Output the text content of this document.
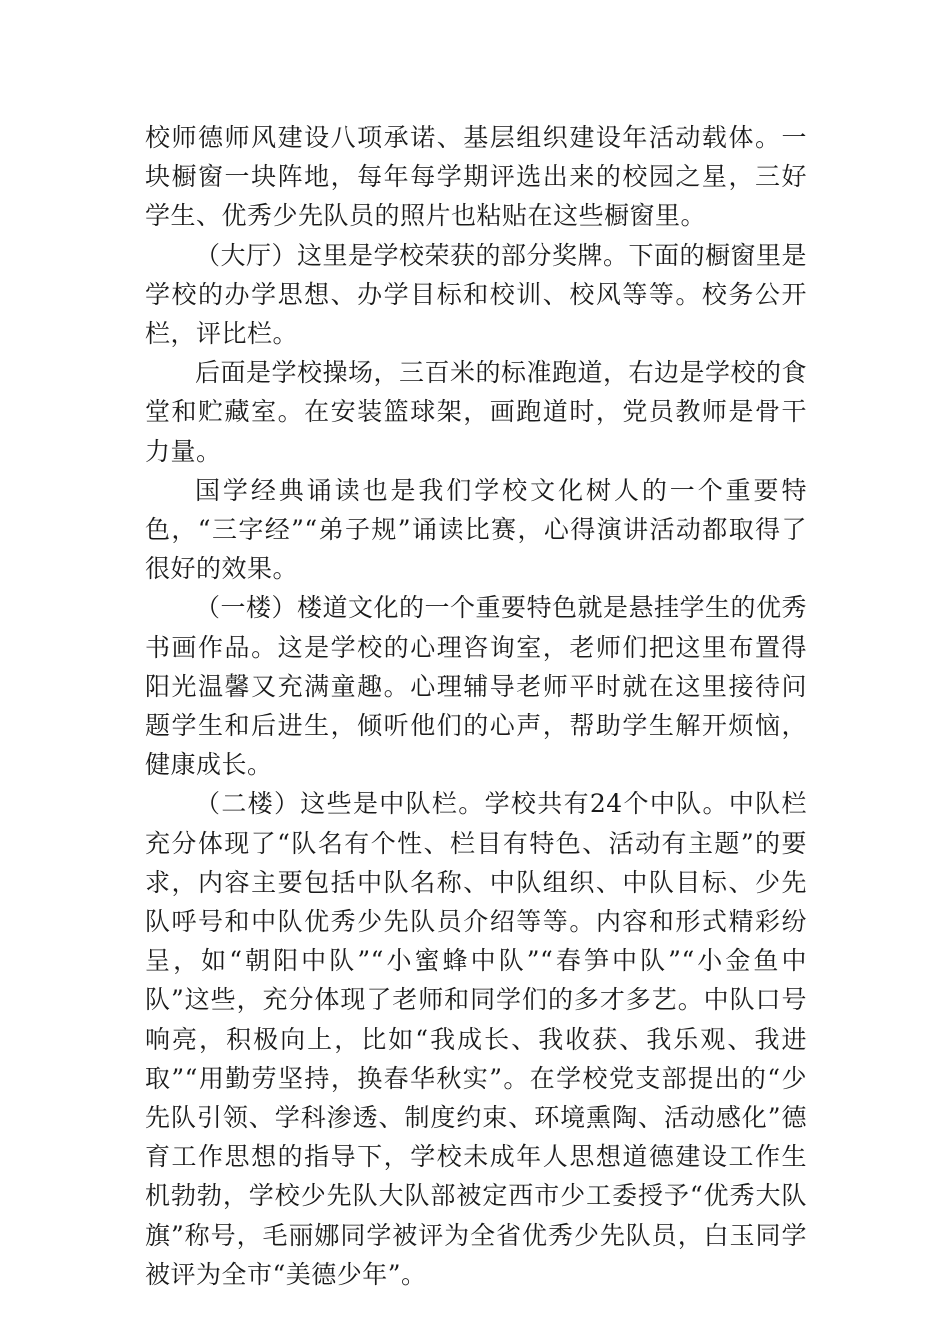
校师德师风建设八项承诺、基层组织建设年活动载体。一块橱窗一块阵地，每年每学期评选出来的校园之星，三好学生、优秀少先队员的照片也粘贴在这些橱窗里。

（大厅）这里是学校荣获的部分奖牌。下面的橱窗里是学校的办学思想、办学目标和校训、校风等等。校务公开栏，评比栏。

后面是学校操场，三百米的标准跑道，右边是学校的食堂和贮藏室。在安装篮球架，画跑道时，党员教师是骨干力量。

国学经典诵读也是我们学校文化树人的一个重要特色，“三字经”“弟子规”诵读比赛，心得演讲活动都取得了很好的效果。

（一楼）楼道文化的一个重要特色就是悬挂学生的优秀书画作品。这是学校的心理咨询室，老师们把这里布置得阳光温馨又充满童趣。心理辅导老师平时就在这里接待问题学生和后进生，倾听他们的心声，帮助学生解开烦恼，健康成长。

（二楼）这些是中队栏。学校共有24个中队。中队栏充分体现了“队名有个性、栏目有特色、活动有主题”的要求，内容主要包括中队名称、中队组织、中队目标、少先队呼号和中队优秀少先队员介绍等等。内容和形式精彩纷呈，如“朝阳中队”“小蜜蜂中队”“春笋中队”“小金鱼中队”这些，充分体现了老师和同学们的多才多艺。中队口号响亮，积极向上，比如“我成长、我收获、我乐观、我进取”“用勤劳坚持，换春华秋实”。在学校党支部提出的“少先队引领、学科渗透、制度约束、环境熏陶、活动感化”德育工作思想的指导下，学校未成年人思想道德建设工作生机勃勃，学校少先队大队部被定西市少工委授予“优秀大队旗”称号，毛丽娜同学被评为全省优秀少先队员，白玉同学被评为全市“美德少年”。
